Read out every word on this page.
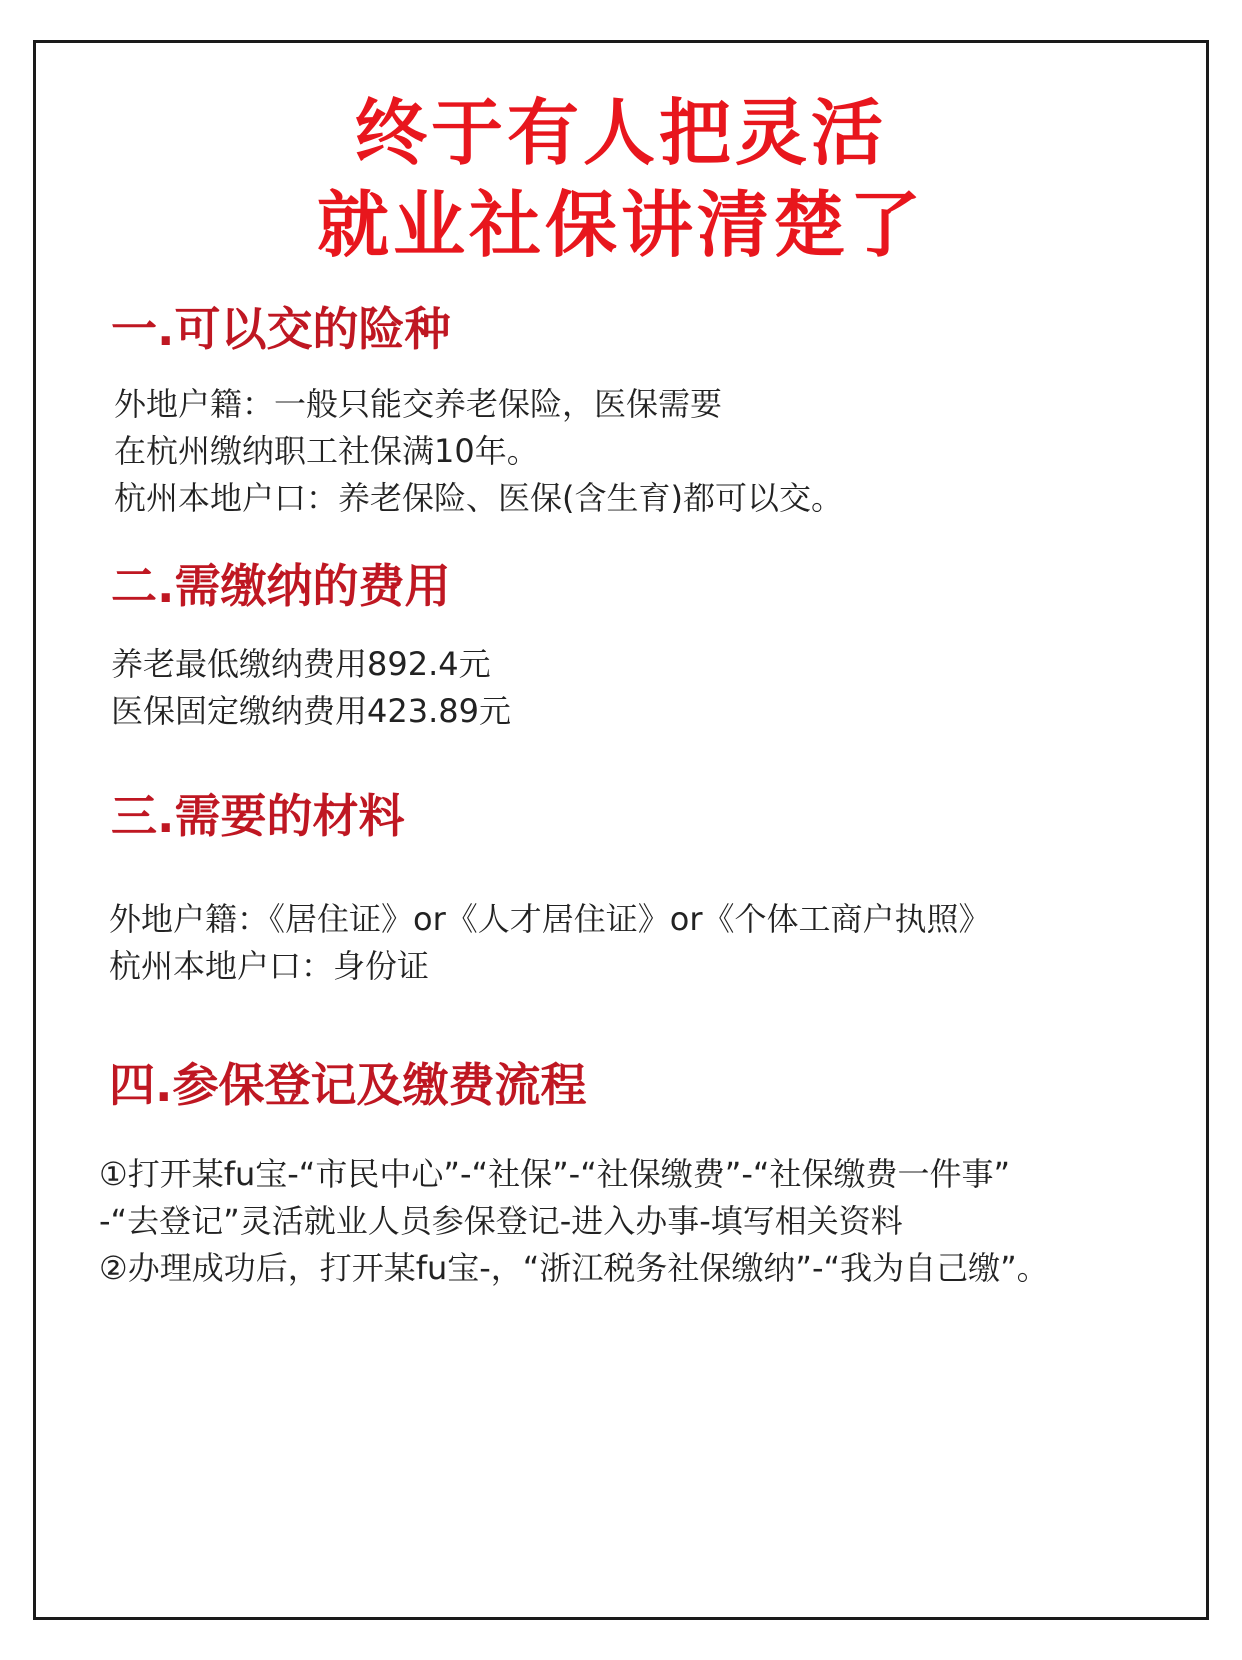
终于有人把灵活
就业社保讲清楚了
一.可以交的险种
外地户籍：一般只能交养老保险，医保需要
在杭州缴纳职工社保满10年。
杭州本地户口：养老保险、医保(含生育)都可以交。
二.需缴纳的费用
养老最低缴纳费用892.4元
医保固定缴纳费用423.89元
三.需要的材料
外地户籍：《居住证》or《人才居住证》or《个体工商户执照》
杭州本地户口：身份证
四.参保登记及缴费流程
①打开某fu宝-“市民中心”-“社保”-“社保缴费”-“社保缴费一件事”
-“去登记”灵活就业人员参保登记-进入办事-填写相关资料
②办理成功后，打开某fu宝-，“浙江税务社保缴纳”-“我为自己缴”。
